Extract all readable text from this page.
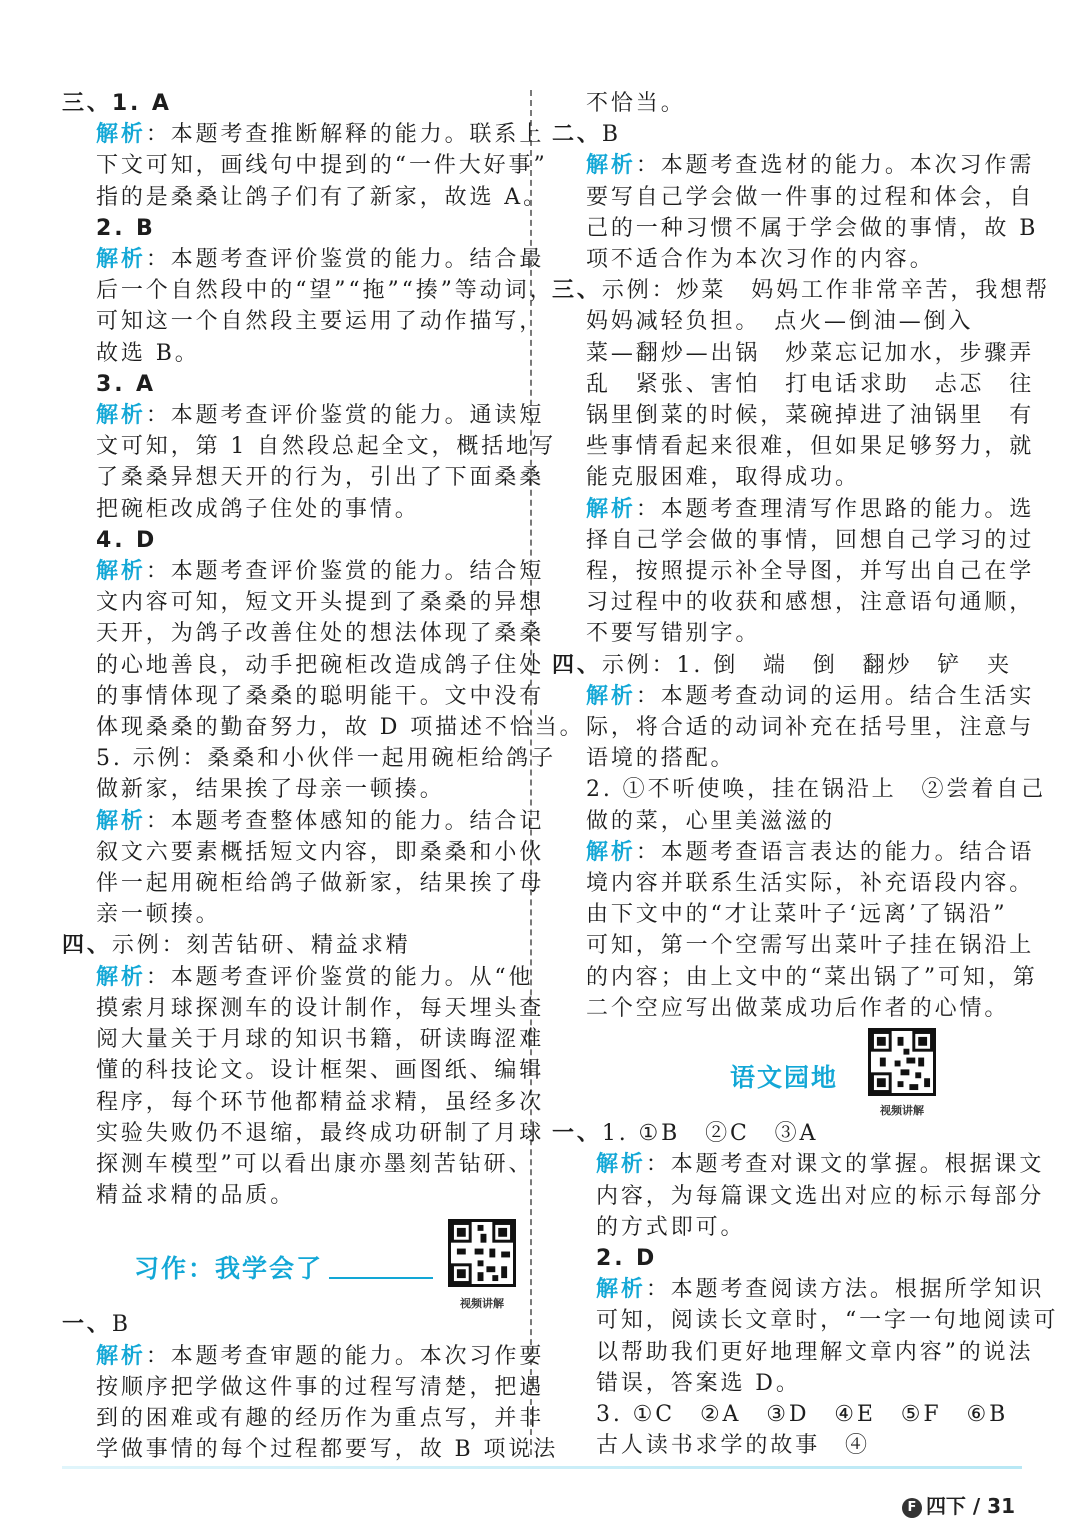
三、1. A
解析：本题考查推断解释的能力。联系上
下文可知，画线句中提到的“一件大好事”
指的是桑桑让鸽子们有了新家，故选 A。
2. B
解析：本题考查评价鉴赏的能力。结合最
后一个自然段中的“望”“拖”“揍”等动词，
可知这一个自然段主要运用了动作描写，
故选 B。
3. A
解析：本题考查评价鉴赏的能力。通读短
文可知，第 1 自然段总起全文，概括地写
了桑桑异想天开的行为，引出了下面桑桑
把碗柜改成鸽子住处的事情。
4. D
解析：本题考查评价鉴赏的能力。结合短
文内容可知，短文开头提到了桑桑的异想
天开，为鸽子改善住处的想法体现了桑桑
的心地善良，动手把碗柜改造成鸽子住处
的事情体现了桑桑的聪明能干。文中没有
体现桑桑的勤奋努力，故 D 项描述不恰当。
5. 示例：桑桑和小伙伴一起用碗柜给鸽子
做新家，结果挨了母亲一顿揍。
解析：本题考查整体感知的能力。结合记
叙文六要素概括短文内容，即桑桑和小伙
伴一起用碗柜给鸽子做新家，结果挨了母
亲一顿揍。
四、示例：刻苦钻研、精益求精
解析：本题考查评价鉴赏的能力。从“他
摸索月球探测车的设计制作，每天埋头查
阅大量关于月球的知识书籍，研读晦涩难
懂的科技论文。设计框架、画图纸、编辑
程序，每个环节他都精益求精，虽经多次
实验失败仍不退缩，最终成功研制了月球
探测车模型”可以看出康亦墨刻苦钻研、
精益求精的品质。
习作：我学会了
视频讲解
一、B
解析：本题考查审题的能力。本次习作要
按顺序把学做这件事的过程写清楚，把遇
到的困难或有趣的经历作为重点写，并非
学做事情的每个过程都要写，故 B 项说法
不恰当。
二、B
解析：本题考查选材的能力。本次习作需
要写自己学会做一件事的过程和体会，自
己的一种习惯不属于学会做的事情，故 B
项不适合作为本次习作的内容。
三、示例：炒菜　妈妈工作非常辛苦，我想帮
妈妈减轻负担。　点火—倒油—倒入
菜—翻炒—出锅　炒菜忘记加水，步骤弄
乱　紧张、害怕　打电话求助　忐忑　往
锅里倒菜的时候，菜碗掉进了油锅里　有
些事情看起来很难，但如果足够努力，就
能克服困难，取得成功。
解析：本题考查理清写作思路的能力。选
择自己学会做的事情，回想自己学习的过
程，按照提示补全导图，并写出自己在学
习过程中的收获和感想，注意语句通顺，
不要写错别字。
四、示例：1. 倒　端　倒　翻炒　铲　夹
解析：本题考查动词的运用。结合生活实
际，将合适的动词补充在括号里，注意与
语境的搭配。
2. ①不听使唤，挂在锅沿上　②尝着自己
做的菜，心里美滋滋的
解析：本题考查语言表达的能力。结合语
境内容并联系生活实际，补充语段内容。
由下文中的“才让菜叶子‘远离’了锅沿”
可知，第一个空需写出菜叶子挂在锅沿上
的内容；由上文中的“菜出锅了”可知，第
二个空应写出做菜成功后作者的心情。
语文园地
视频讲解
一、1. ①B　②C　③A
解析：本题考查对课文的掌握。根据课文
内容，为每篇课文选出对应的标示每部分
的方式即可。
2. D
解析：本题考查阅读方法。根据所学知识
可知，阅读长文章时，“一字一句地阅读可
以帮助我们更好地理解文章内容”的说法
错误，答案选 D。
3. ①C　②A　③D　④E　⑤F　⑥B
古人读书求学的故事　④
F 四下 / 31
